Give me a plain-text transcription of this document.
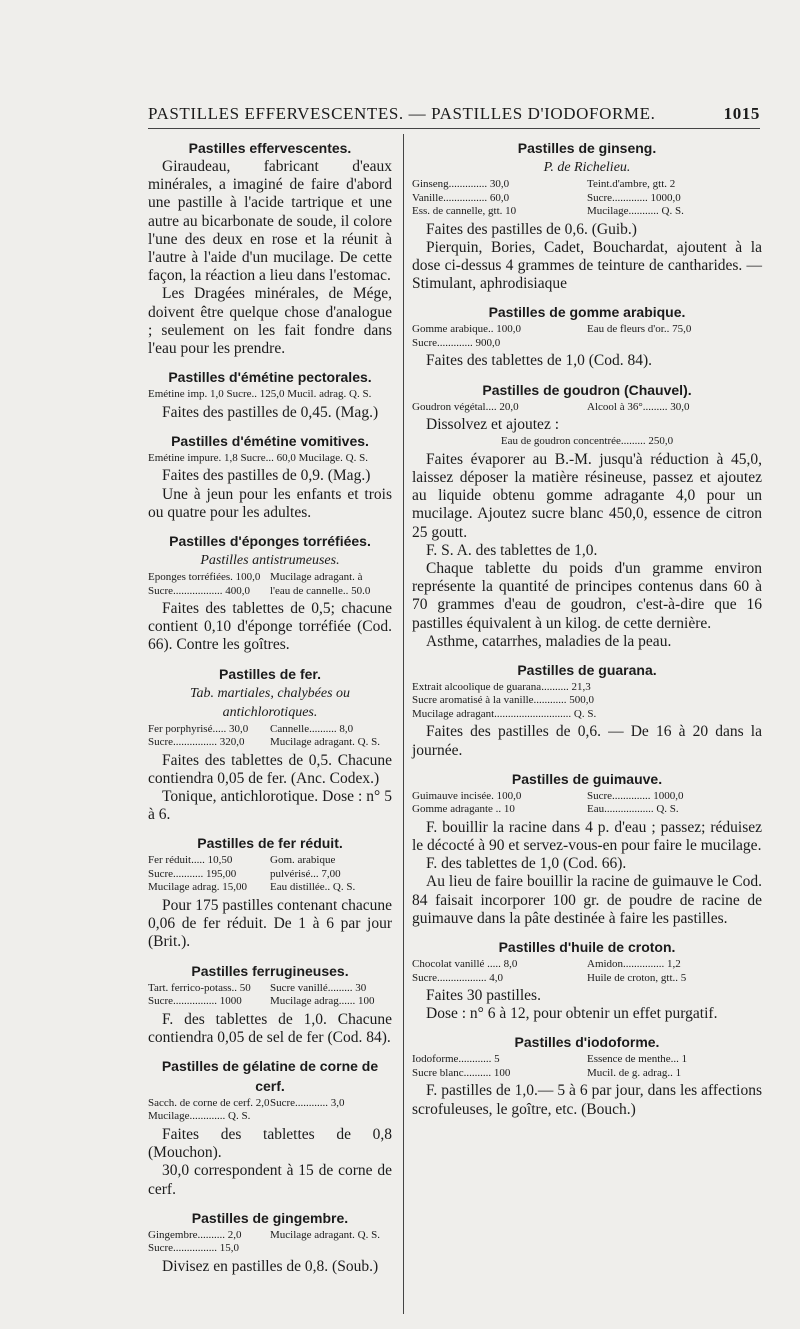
PASTILLES EFFERVESCENTES. — PASTILLES D'IODOFORME.	1015
Pastilles effervescentes.

Giraudeau, fabricant d'eaux minérales, a imaginé de faire d'abord une pastille à l'acide tartrique et une autre au bicarbonate de soude, il colore l'une des deux en rose et la réunit à l'autre à l'aide d'un mucilage. De cette façon, la réaction a lieu dans l'estomac.

Les Dragées minérales, de Mége, doivent être quelque chose d'analogue ; seulement on les fait fondre dans l'eau pour les prendre.

Pastilles d'émétine pectorales.
Emétine imp. 1,0 Sucre.. 125,0 Mucil. adrag. Q. S.

Faites des pastilles de 0,45. (Mag.)

Pastilles d'émétine vomitives.
Emétine impure. 1,8 Sucre... 60,0 Mucilage. Q. S.

Faites des pastilles de 0,9. (Mag.)

Une à jeun pour les enfants et trois ou quatre pour les adultes.

Pastilles d'éponges torréfiées.
Pastilles antistrumeuses.
Eponges torréfiées. 100,0 Mucilage adragant. à
Sucre.................. 400,0	l'eau de cannelle.. 50.0

Faites des tablettes de 0,5; chacune contient 0,10 d'éponge torréfiée (Cod. 66). Contre les goîtres.

Pastilles de fer.
Tab. martiales, chalybées ou antichlorotiques.
Fer porphyrisé..... 30,0	Cannelle.......... 8,0
Sucre................ 320,0	Mucilage adragant. Q. S.

Faites des tablettes de 0,5. Chacune contiendra 0,05 de fer. (Anc. Codex.)

Tonique, antichlorotique. Dose : n° 5 à 6.

Pastilles de fer réduit.
Fer réduit..... 10,50	Gom. arabique
Sucre........... 195,00	pulvérisé... 7,00
Mucilage adrag. 15,00	Eau distillée.. Q. S.

Pour 175 pastilles contenant chacune 0,06 de fer réduit. De 1 à 6 par jour (Brit.).

Pastilles ferrugineuses.
Tart. ferrico-potass.. 50	Sucre vanillé......... 30
Sucre................ 1000	Mucilage adrag...... 100

F. des tablettes de 1,0. Chacune contiendra 0,05 de sel de fer (Cod. 84).

Pastilles de gélatine de corne de cerf.
Sacch. de corne de cerf. 2,0 Sucre............ 3,0
Mucilage............. Q. S.

Faites des tablettes de 0,8 (Mouchon).

30,0 correspondent à 15 de corne de cerf.

Pastilles de gingembre.
Gingembre.......... 2,0	Mucilage adragant. Q. S.
Sucre................ 15,0

Divisez en pastilles de 0,8. (Soub.)

Pastilles de ginseng.
P. de Richelieu.
Ginseng.............. 30,0	Teint.d'ambre, gtt. 2
Vanille................ 60,0	Sucre............. 1000,0
Ess. de cannelle, gtt. 10	Mucilage........... Q. S.

Faites des pastilles de 0,6. (Guib.)

Pierquin, Bories, Cadet, Bouchardat, ajoutent à la dose ci-dessus 4 grammes de teinture de cantharides. — Stimulant, aphrodisiaque

Pastilles de gomme arabique.
Gomme arabique.. 100,0	Eau de fleurs d'or.. 75,0
Sucre............. 900,0

Faites des tablettes de 1,0 (Cod. 84).

Pastilles de goudron (Chauvel).
Goudron végétal.... 20,0	Alcool à 36°......... 30,0

Dissolvez et ajoutez :

Eau de goudron concentrée......... 250,0

Faites évaporer au B.-M. jusqu'à réduction à 45,0, laissez déposer la matière résineuse, passez et ajoutez au liquide obtenu gomme adragante 4,0 pour un mucilage. Ajoutez sucre blanc 450,0, essence de citron 25 goutt.

F. S. A. des tablettes de 1,0.

Chaque tablette du poids d'un gramme environ représente la quantité de principes contenus dans 60 à 70 grammes d'eau de goudron, c'est-à-dire que 16 pastilles équivalent à un kilog. de cette dernière.

Asthme, catarrhes, maladies de la peau.

Pastilles de guarana.
Extrait alcoolique de guarana.......... 21,3
Sucre aromatisé à la vanille............ 500,0
Mucilage adragant............................ Q. S.

Faites des pastilles de 0,6. — De 16 à 20 dans la journée.

Pastilles de guimauve.
Guimauve incisée. 100,0	Sucre.............. 1000,0
Gomme adragante .. 10	Eau.................. Q. S.

F. bouillir la racine dans 4 p. d'eau ; passez; réduisez le décocté à 90 et servez-vous-en pour faire le mucilage.

F. des tablettes de 1,0 (Cod. 66).

Au lieu de faire bouillir la racine de guimauve le Cod. 84 faisait incorporer 100 gr. de poudre de racine de guimauve dans la pâte destinée à faire les pastilles.

Pastilles d'huile de croton.
Chocolat vanillé ..... 8,0	Amidon............... 1,2
Sucre.................. 4,0	Huile de croton, gtt.. 5

Faites 30 pastilles.

Dose : n° 6 à 12, pour obtenir un effet purgatif.

Pastilles d'iodoforme.
Iodoforme............ 5	Essence de menthe... 1
Sucre blanc.......... 100	Mucil. de g. adrag.. 1

F. pastilles de 1,0.— 5 à 6 par jour, dans les affections scrofuleuses, le goître, etc. (Bouch.)
